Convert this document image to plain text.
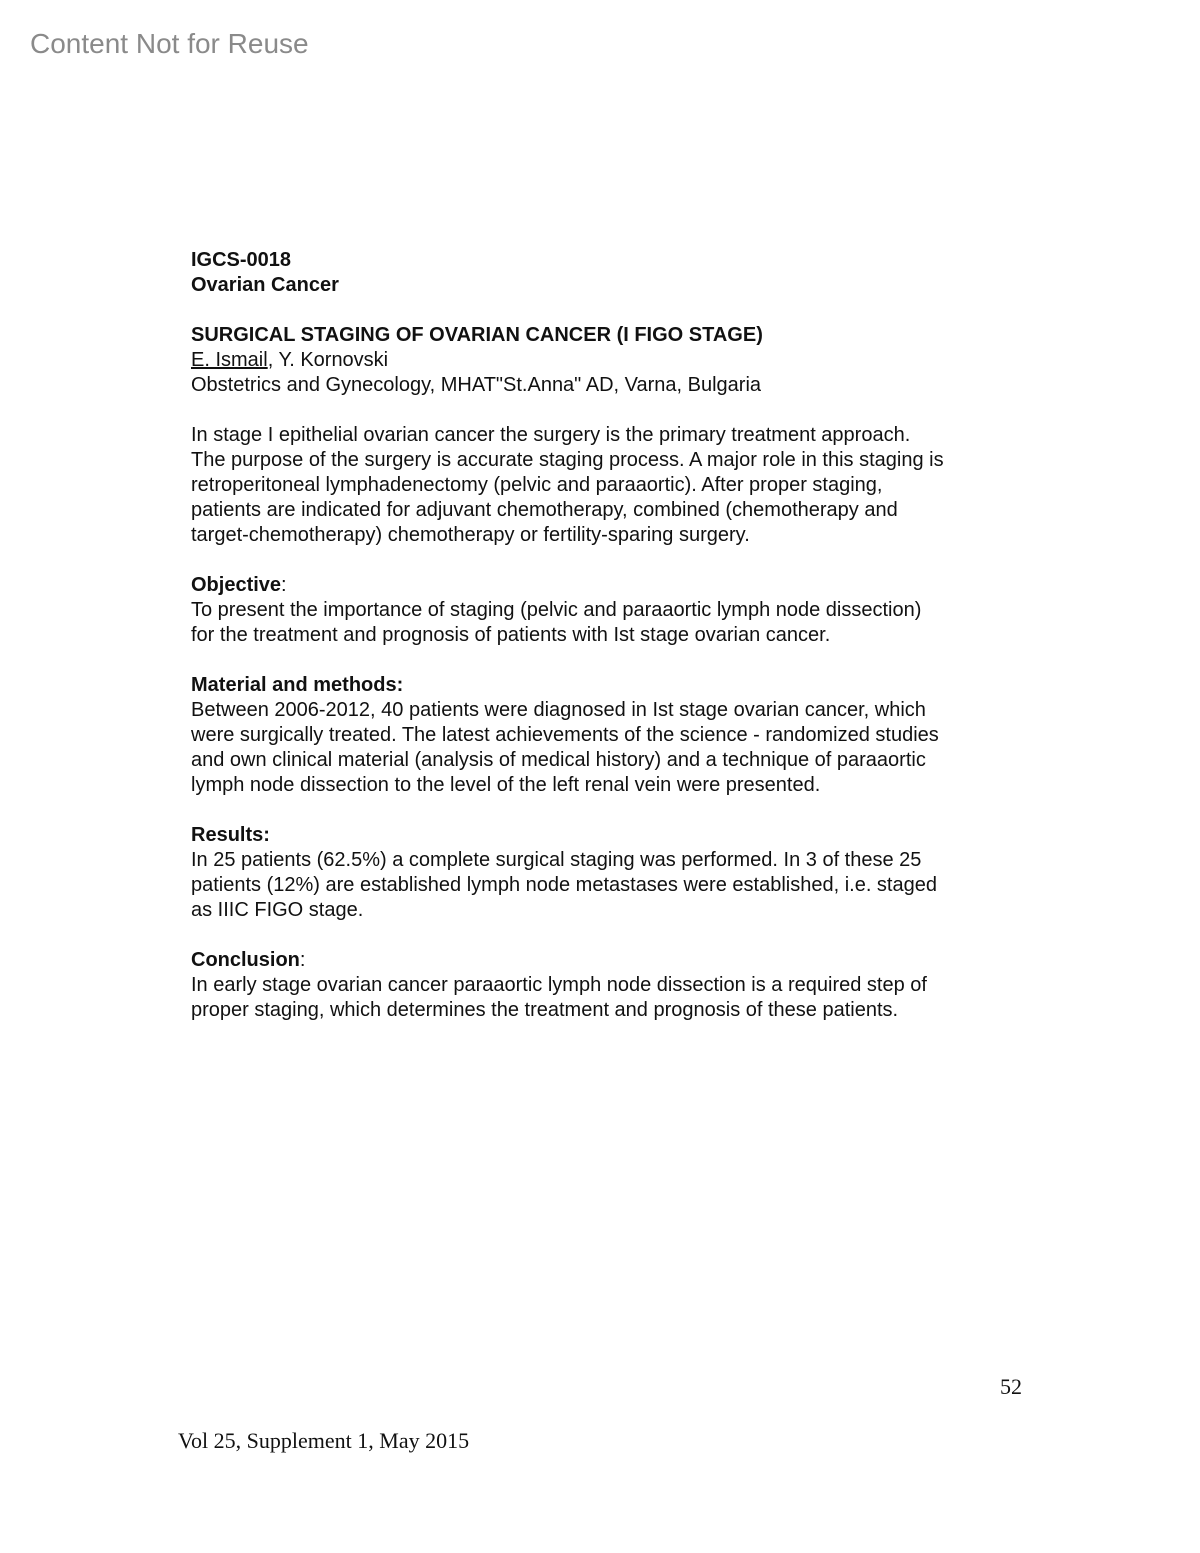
Content Not for Reuse
IGCS-0018
Ovarian Cancer
SURGICAL STAGING OF OVARIAN CANCER (I FIGO STAGE)
E. Ismail, Y. Kornovski
Obstetrics and Gynecology, MHAT"St.Anna" AD, Varna, Bulgaria
In stage I epithelial ovarian cancer the surgery is the primary treatment approach.
The purpose of the surgery is accurate staging process. A major role in this staging is
retroperitoneal lymphadenectomy (pelvic and paraaortic). After proper staging,
patients are indicated for adjuvant chemotherapy, combined (chemotherapy and
target-chemotherapy) chemotherapy or fertility-sparing surgery.
Objective:
To present the importance of staging (pelvic and paraaortic lymph node dissection)
for the treatment and prognosis of patients with Ist stage ovarian cancer.
Material and methods:
Between 2006-2012, 40 patients were diagnosed in Ist stage ovarian cancer, which
were surgically treated. The latest achievements of the science - randomized studies
and own clinical material (analysis of medical history) and a technique of paraaortic
lymph node dissection to the level of the left renal vein were presented.
Results:
In 25 patients (62.5%) a complete surgical staging was performed. In 3 of these 25
patients (12%) are established lymph node metastases were established, i.e. staged
as IIIC FIGO stage.
Conclusion:
In early stage ovarian cancer paraaortic lymph node dissection is a required step of
proper staging, which determines the treatment and prognosis of these patients.
52
Vol 25, Supplement 1, May 2015
